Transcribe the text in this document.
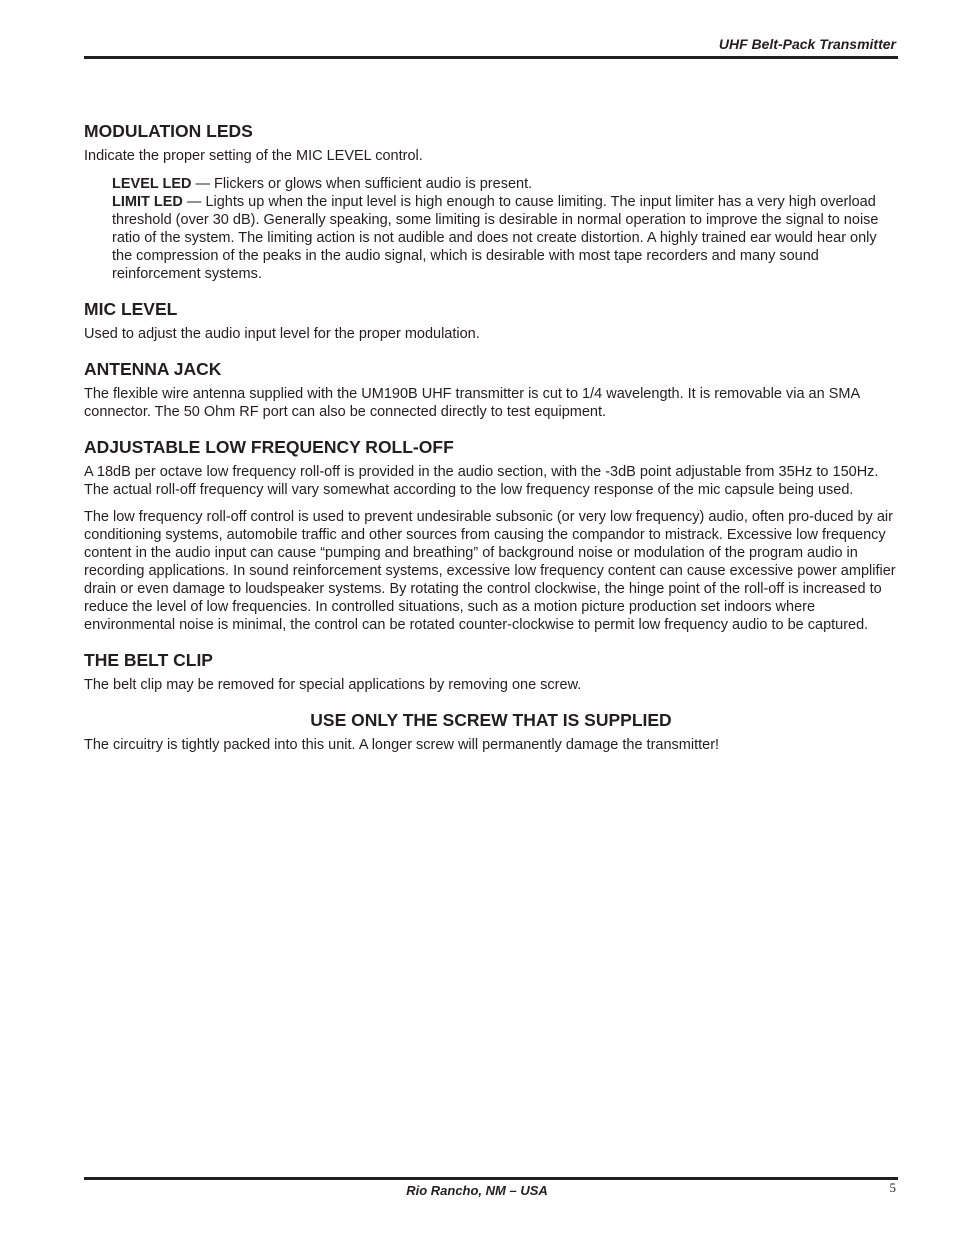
UHF Belt-Pack Transmitter
MODULATION LEDS

Indicate the proper setting of the MIC LEVEL control.

LEVEL LED — Flickers or glows when sufficient audio is present.

LIMIT LED — Lights up when the input level is high enough to cause limiting. The input limiter has a very high overload threshold (over 30 dB). Generally speaking, some limiting is desirable in normal operation to improve the signal to noise ratio of the system. The limiting action is not audible and does not create distortion. A highly trained ear would hear only the compression of the peaks in the audio signal, which is desirable with most tape recorders and many sound reinforcement systems.

MIC LEVEL

Used to adjust the audio input level for the proper modulation.

ANTENNA JACK

The flexible wire antenna supplied with the UM190B UHF transmitter is cut to 1/4 wavelength. It is removable via an SMA connector. The 50 Ohm RF port can also be connected directly to test equipment.

ADJUSTABLE LOW FREQUENCY ROLL-OFF

A 18dB per octave low frequency roll-off is provided in the audio section, with the -3dB point adjustable from 35Hz to 150Hz. The actual roll-off frequency will vary somewhat according to the low frequency response of the mic capsule being used.

The low frequency roll-off control is used to prevent undesirable subsonic (or very low frequency) audio, often pro-duced by air conditioning systems, automobile traffic and other sources from causing the compandor to mistrack. Excessive low frequency content in the audio input can cause “pumping and breathing” of background noise or modulation of the program audio in recording applications. In sound reinforcement systems, excessive low frequency content can cause excessive power amplifier drain or even damage to loudspeaker systems. By rotating the control clockwise, the hinge point of the roll-off is increased to reduce the level of low frequencies. In controlled situations, such as a motion picture production set indoors where environmental noise is minimal, the control can be rotated counter-clockwise to permit low frequency audio to be captured.

THE BELT CLIP

The belt clip may be removed for special applications by removing one screw.

USE ONLY THE SCREW THAT IS SUPPLIED

The circuitry is tightly packed into this unit. A longer screw will permanently damage the transmitter!

Rio Rancho, NM – USA	5
